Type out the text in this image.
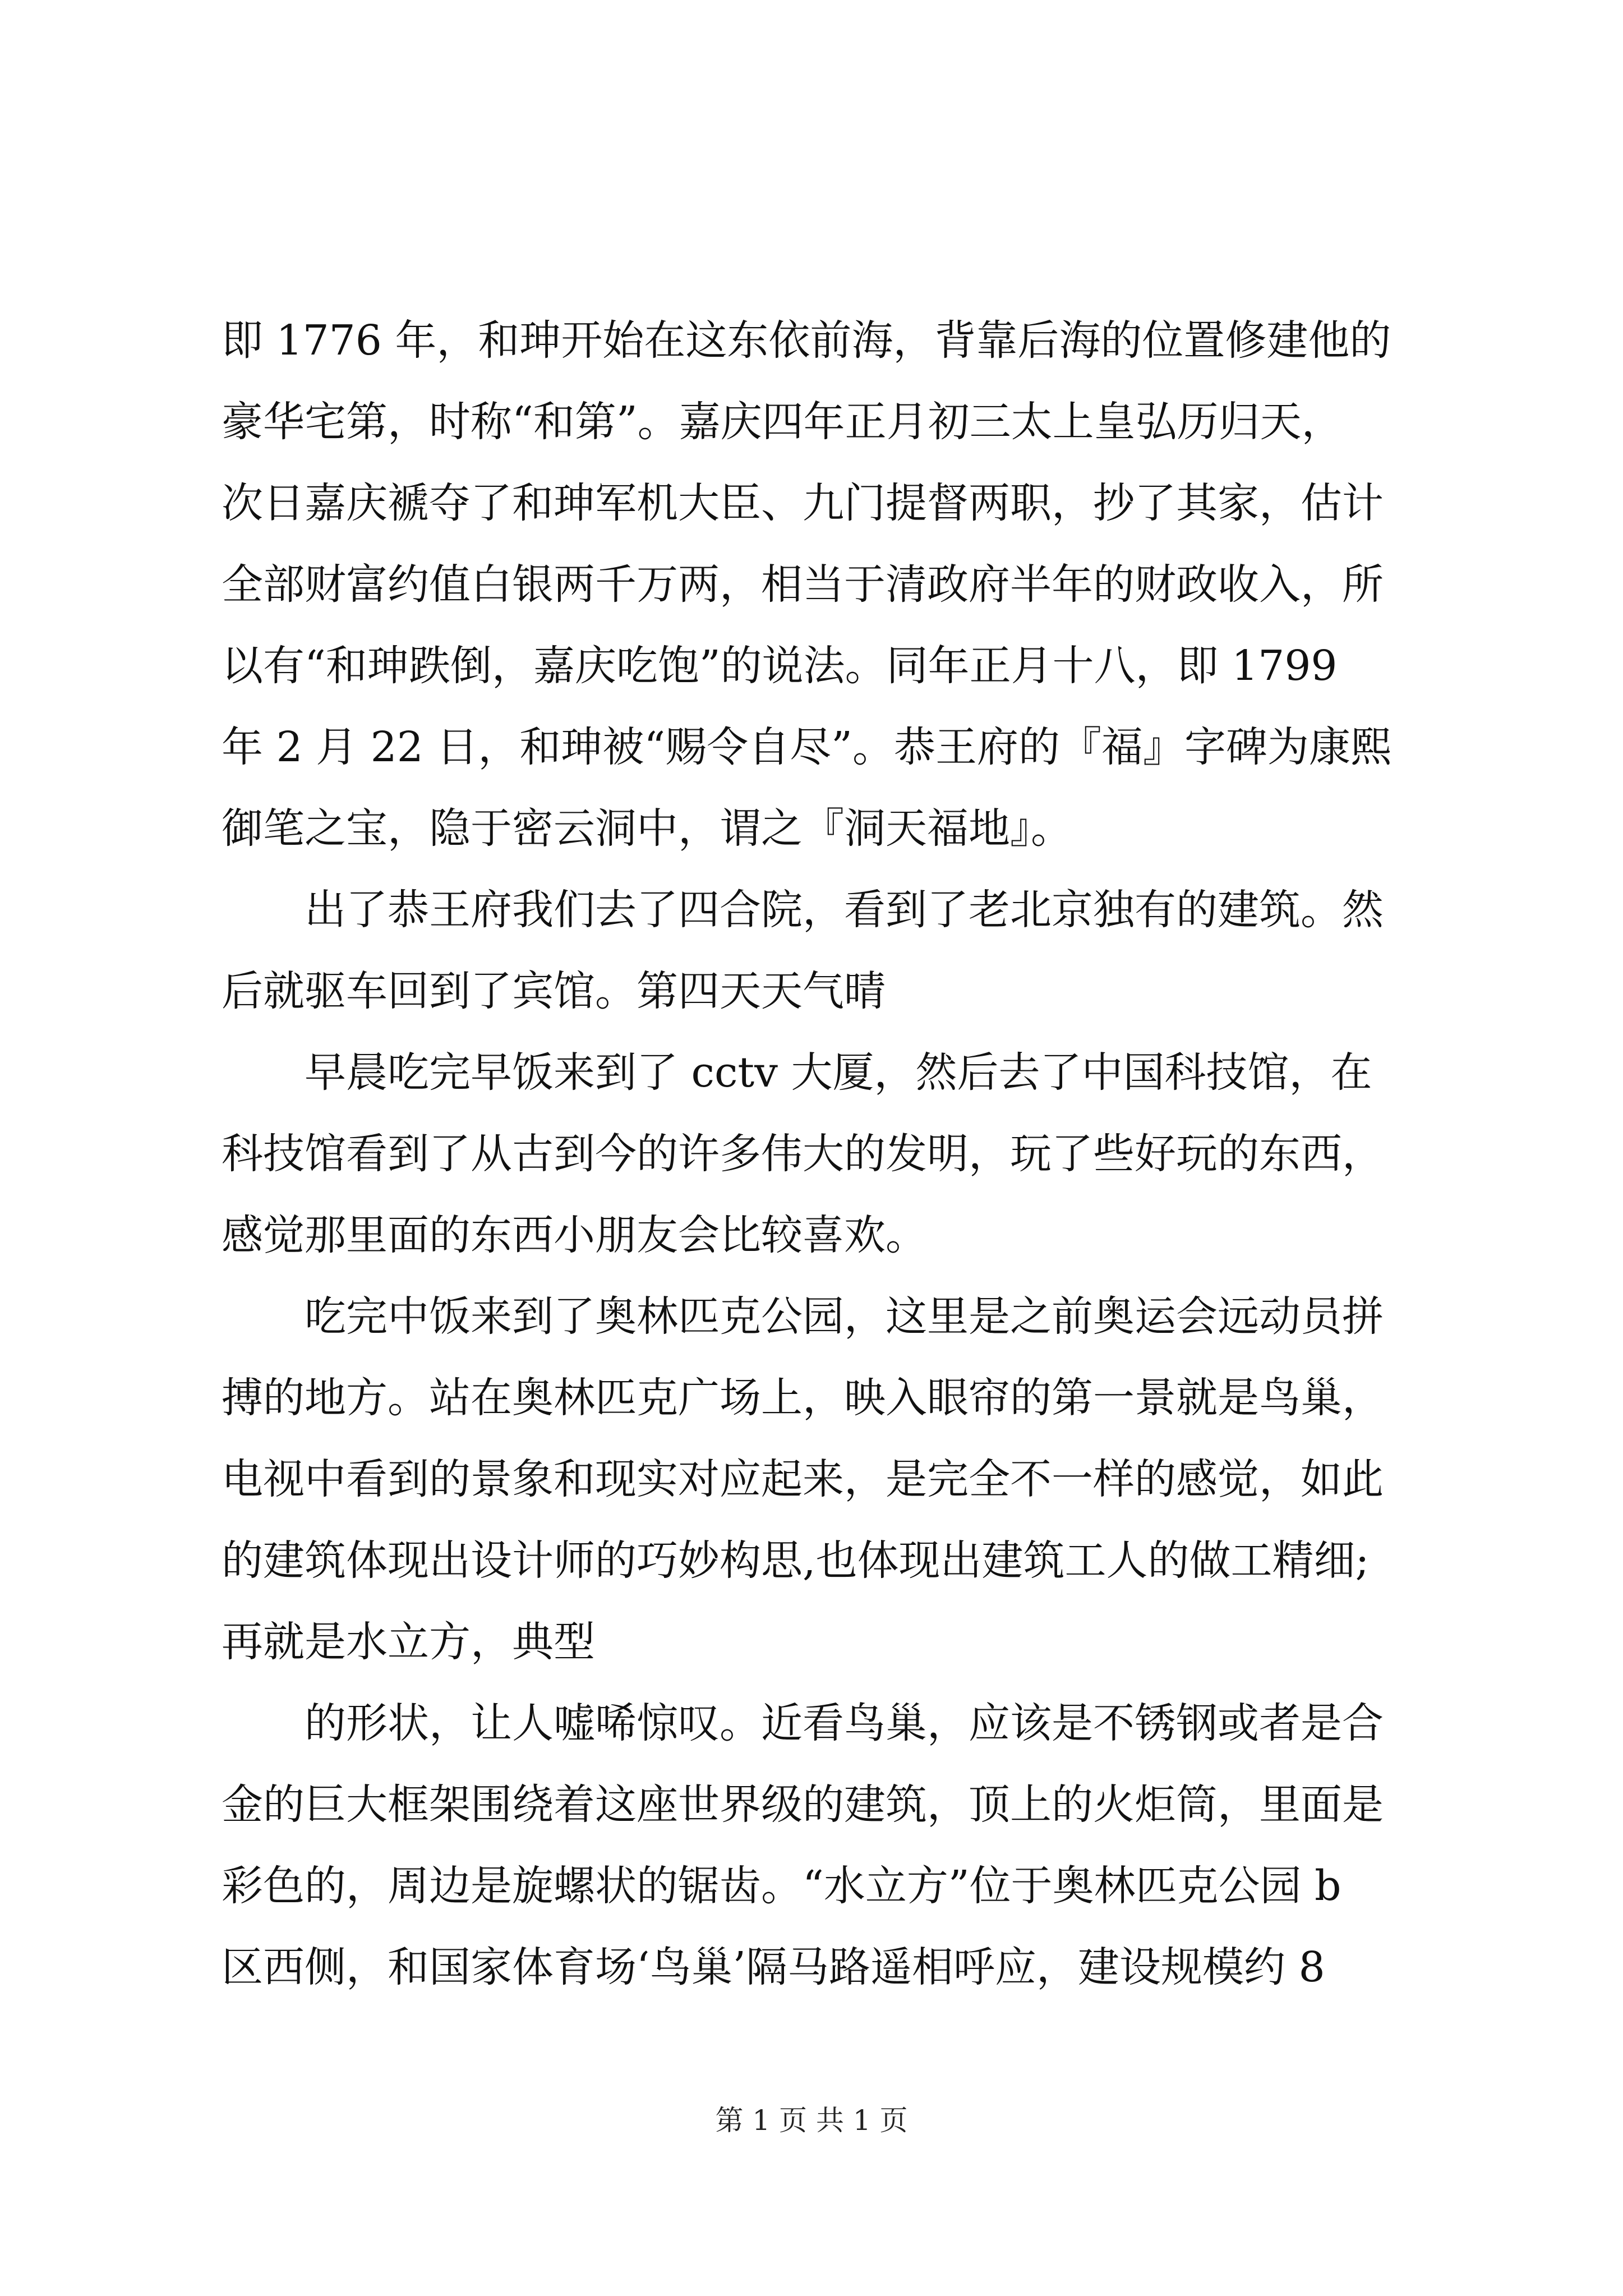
即 1776 年，和珅开始在这东依前海，背靠后海的位置修建他的
豪华宅第，时称“和第”。嘉庆四年正月初三太上皇弘历归天，
次日嘉庆褫夺了和珅军机大臣、九门提督两职，抄了其家，估计
全部财富约值白银两千万两，相当于清政府半年的财政收入，所
以有“和珅跌倒，嘉庆吃饱”的说法。同年正月十八，即 1799
年 2 月 22 日，和珅被“赐令自尽”。恭王府的『福』字碑为康熙
御笔之宝，隐于密云洞中，谓之『洞天福地』。
出了恭王府我们去了四合院，看到了老北京独有的建筑。然
后就驱车回到了宾馆。第四天天气晴
早晨吃完早饭来到了 cctv 大厦，然后去了中国科技馆，在
科技馆看到了从古到今的许多伟大的发明，玩了些好玩的东西，
感觉那里面的东西小朋友会比较喜欢。
吃完中饭来到了奥林匹克公园，这里是之前奥运会远动员拼
搏的地方。站在奥林匹克广场上，映入眼帘的第一景就是鸟巢，
电视中看到的景象和现实对应起来，是完全不一样的感觉，如此
的建筑体现出设计师的巧妙构思,也体现出建筑工人的做工精细;
再就是水立方，典型
的形状，让人嘘唏惊叹。近看鸟巢，应该是不锈钢或者是合
金的巨大框架围绕着这座世界级的建筑，顶上的火炬筒，里面是
彩色的，周边是旋螺状的锯齿。“水立方”位于奥林匹克公园 b
区西侧，和国家体育场‘鸟巢’隔马路遥相呼应，建设规模约 8
第 1 页 共 1 页
